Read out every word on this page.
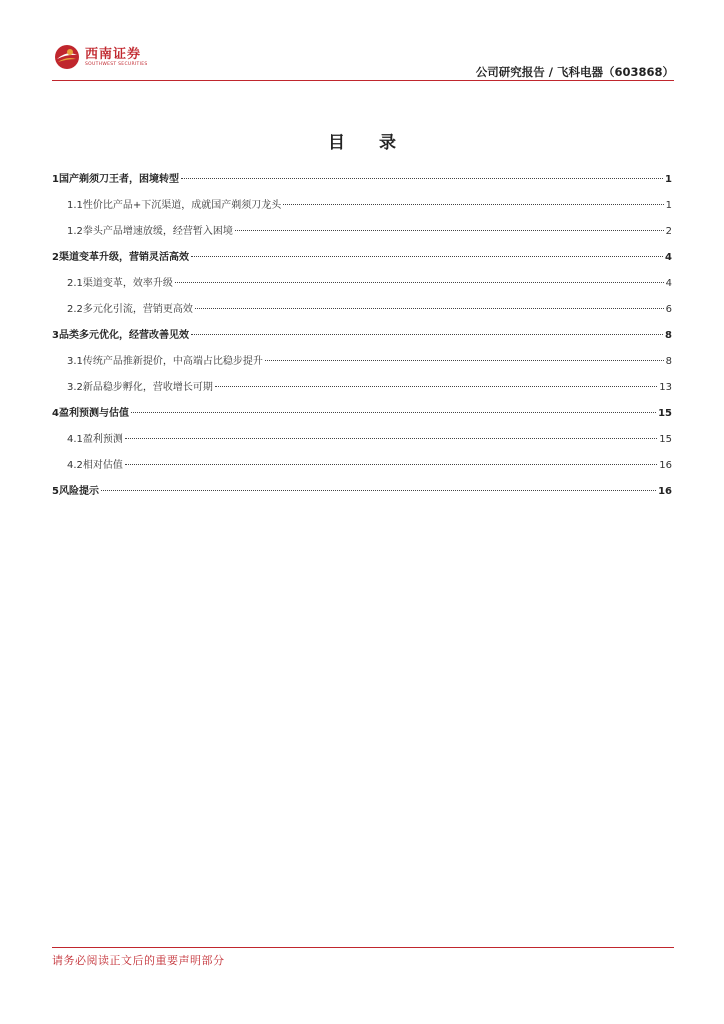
西南证券
SOUTHWEST SECURITIES
公司研究报告 / 飞科电器（603868）
目 录
1 国产剃须刀王者，困境转型	1
1.1 性价比产品+下沉渠道，成就国产剃须刀龙头	1
1.2 拳头产品增速放缓，经营暂入困境	2
2 渠道变革升级，营销灵活高效	4
2.1 渠道变革，效率升级	4
2.2 多元化引流，营销更高效	6
3 品类多元优化，经营改善见效	8
3.1 传统产品推新提价，中高端占比稳步提升	8
3.2 新品稳步孵化，营收增长可期	13
4 盈利预测与估值	15
4.1 盈利预测	15
4.2 相对估值	16
5 风险提示	16
请务必阅读正文后的重要声明部分
